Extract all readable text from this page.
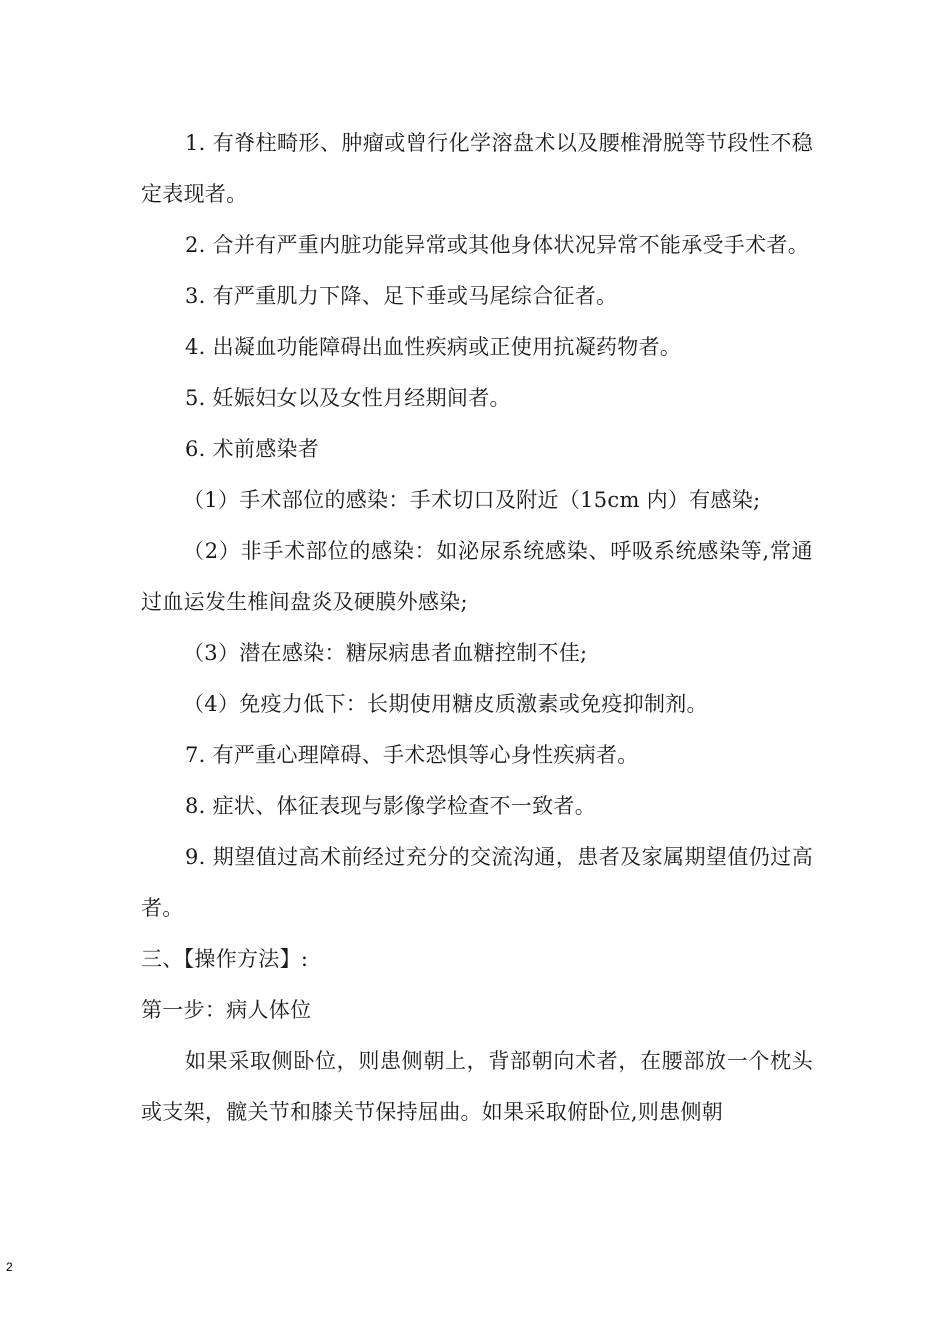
1. 有脊柱畸形、肿瘤或曾行化学溶盘术以及腰椎滑脱等节段性不稳定表现者。

2. 合并有严重内脏功能异常或其他身体状况异常不能承受手术者。

3. 有严重肌力下降、足下垂或马尾综合征者。

4. 出凝血功能障碍出血性疾病或正使用抗凝药物者。

5. 妊娠妇女以及女性月经期间者。

6. 术前感染者

（1）手术部位的感染：手术切口及附近（15cm 内）有感染;

（2）非手术部位的感染：如泌尿系统感染、呼吸系统感染等,常通过血运发生椎间盘炎及硬膜外感染;

（3）潜在感染：糖尿病患者血糖控制不佳;

（4）免疫力低下：长期使用糖皮质激素或免疫抑制剂。

7. 有严重心理障碍、手术恐惧等心身性疾病者。

8. 症状、体征表现与影像学检查不一致者。

9. 期望值过高术前经过充分的交流沟通，患者及家属期望值仍过高者。

三、【操作方法】:

第一步：病人体位

如果采取侧卧位，则患侧朝上，背部朝向术者，在腰部放一个枕头或支架，髋关节和膝关节保持屈曲。如果采取俯卧位,则患侧朝

2
